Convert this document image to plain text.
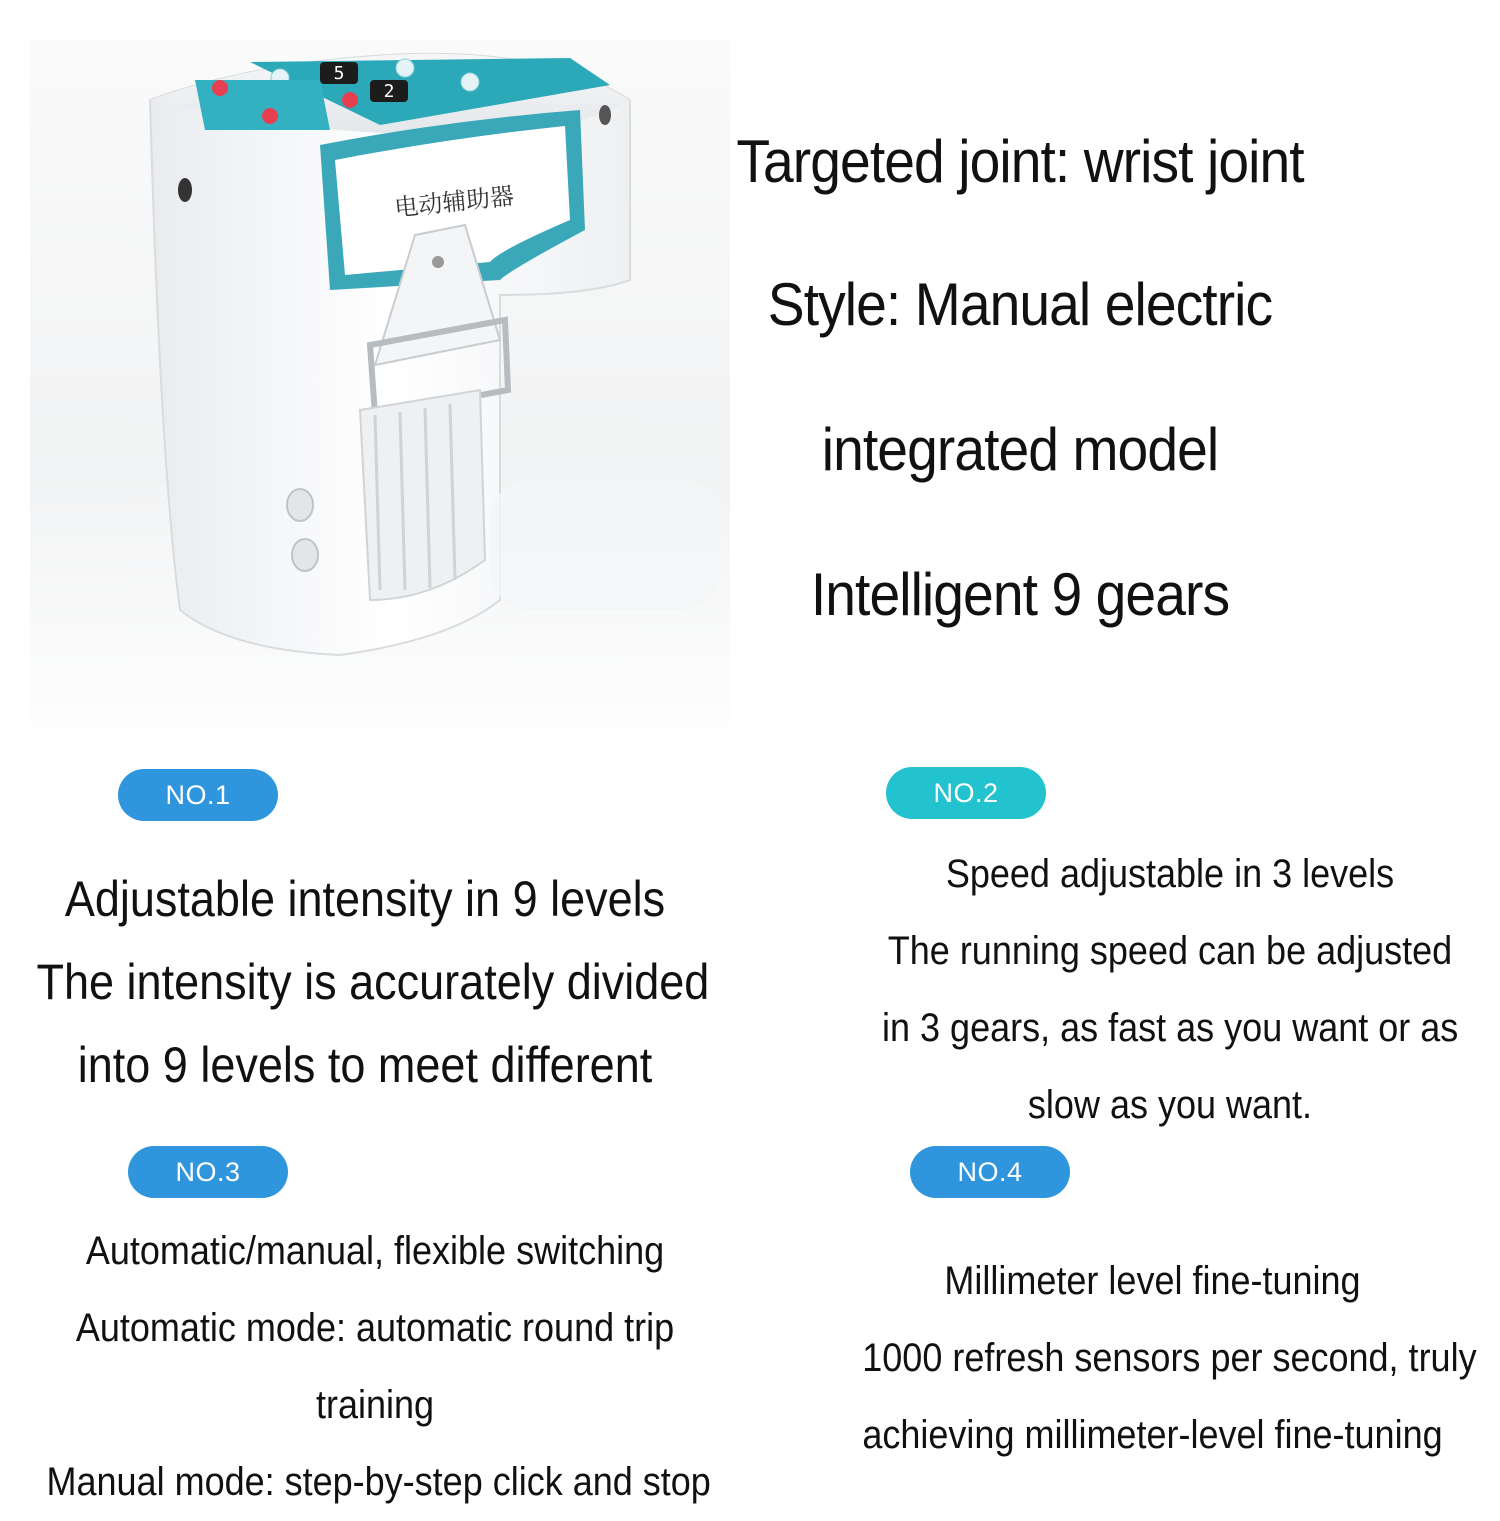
5
2
电动辅助器
Targeted joint: wrist joint
Style: Manual electric
integrated model
Intelligent 9 gears
NO.1
Adjustable intensity in 9 levels
The intensity is accurately divided
into 9 levels to meet different
NO.2
Speed adjustable in 3 levels
The running speed can be adjusted
in 3 gears, as fast as you want or as
slow as you want.
NO.3
Automatic/manual, flexible switching
Automatic mode: automatic round trip
training
Manual mode: step-by-step click and stop
NO.4
Millimeter level fine-tuning
1000 refresh sensors per second, truly
achieving millimeter-level fine-tuning
